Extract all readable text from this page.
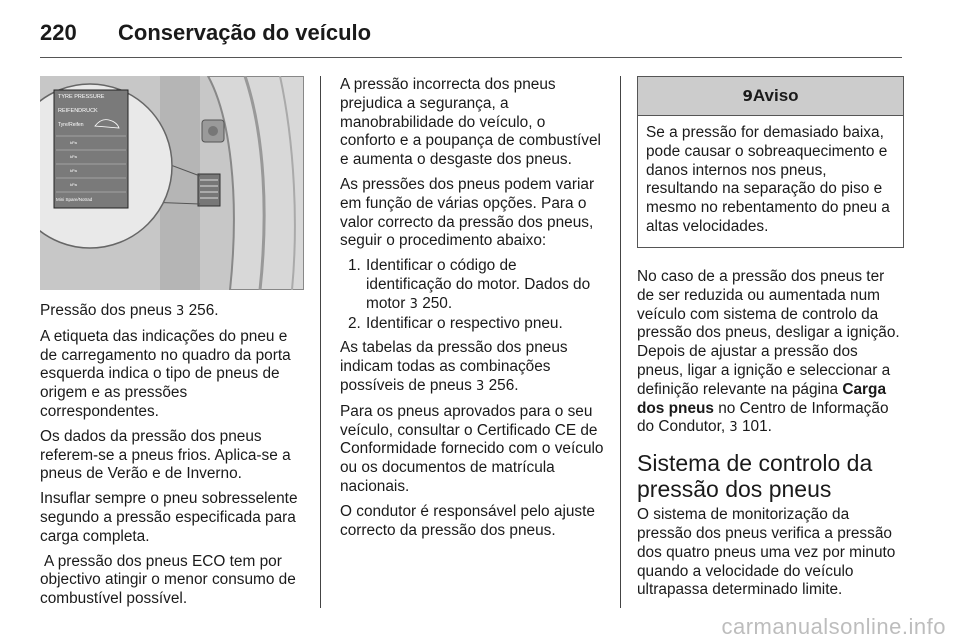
220 Conservação do veículo
TYRE PRESSURE
REIFENDRUCK
Tyre/Reifen
kPa
kPa
kPa
kPa
Mini Spare/Notrad

Pressão dos pneus 3 256.

A etiqueta das indicações do pneu e de carregamento no quadro da porta esquerda indica o tipo de pneus de origem e as pressões correspondentes.

Os dados da pressão dos pneus referem-se a pneus frios. Aplica-se a pneus de Verão e de Inverno.

Insuflar sempre o pneu sobresselente segundo a pressão especificada para
carga completa.

A pressão dos pneus ECO tem por
objectivo atingir o menor consumo de combustível possível.

A pressão incorrecta dos pneus prejudica a segurança, a manobrabilidade do veículo, o conforto e a poupança de combustível e aumenta o desgaste dos pneus.

As pressões dos pneus podem variar em função de várias opções. Para o valor correcto da pressão dos pneus, seguir o procedimento abaixo:

1. Identificar o código de identificação do motor. Dados do motor 3 250.
2. Identificar o respectivo pneu.

As tabelas da pressão dos pneus indicam todas as combinações possíveis de pneus 3 256.

Para os pneus aprovados para o seu veículo, consultar o Certificado CE de Conformidade fornecido com o veículo ou os documentos de matrícula nacionais.

O condutor é responsável pelo ajuste correcto da pressão dos pneus.

9Aviso
Se a pressão for demasiado baixa, pode causar o sobreaquecimento e danos internos nos pneus, resultando na separação do piso e mesmo no rebentamento do pneu a altas velocidades.

No caso de a pressão dos pneus ter de ser reduzida ou aumentada num veículo com sistema de controlo da pressão dos pneus, desligar a ignição. Depois de ajustar a pressão dos pneus, ligar a ignição e seleccionar a definição relevante na página Carga dos pneus no Centro de Informação do Condutor, 3 101.

Sistema de controlo da pressão dos pneus

O sistema de monitorização da pressão dos pneus verifica a pressão dos quatro pneus uma vez por minuto quando a velocidade do veículo ultrapassa determinado limite.

carmanualsonline.info
